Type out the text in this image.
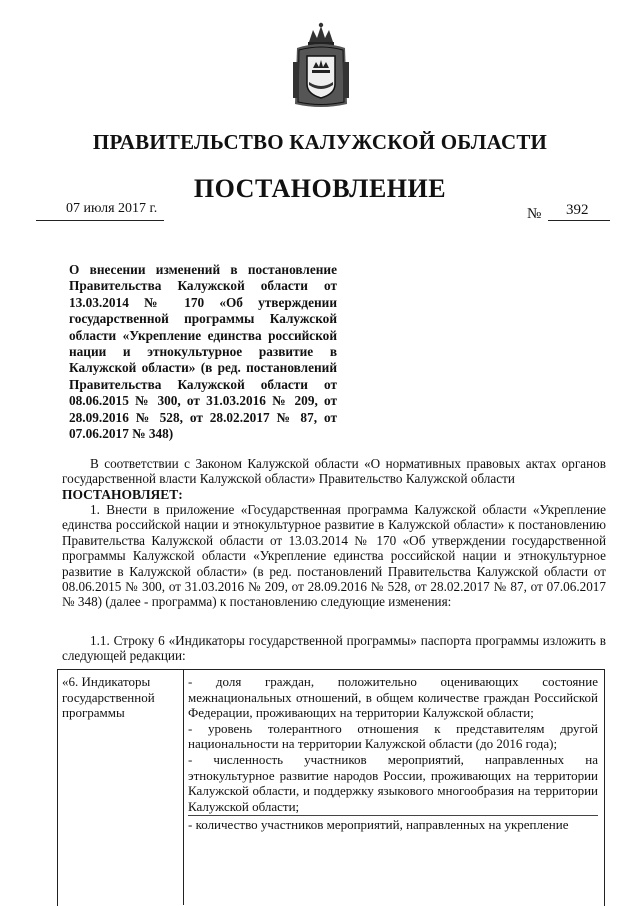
ПРАВИТЕЛЬСТВО КАЛУЖСКОЙ ОБЛАСТИ
ПОСТАНОВЛЕНИЕ
07 июля 2017 г.	№ 392
О внесении изменений в постановление Правительства Калужской области от 13.03.2014 № 170 «Об утверждении государственной программы Калужской области «Укрепление единства российской нации и этнокультурное развитие в Калужской области» (в ред. постановлений Правительства Калужской области от 08.06.2015 № 300, от 31.03.2016 № 209, от 28.09.2016 № 528, от 28.02.2017 № 87, от 07.06.2017 № 348)
В соответствии с Законом Калужской области «О нормативных правовых актах органов государственной власти Калужской области» Правительство Калужской области
ПОСТАНОВЛЯЕТ:
1. Внести в приложение «Государственная программа Калужской области «Укрепление единства российской нации и этнокультурное развитие в Калужской области» к постановлению Правительства Калужской области от 13.03.2014 № 170 «Об утверждении государственной программы Калужской области «Укрепление единства российской нации и этнокультурное развитие в Калужской области» (в ред. постановлений Правительства Калужской области от 08.06.2015 № 300, от 31.03.2016 № 209, от 28.09.2016 № 528, от 28.02.2017 № 87, от 07.06.2017 № 348) (далее - программа) к постановлению следующие изменения:
1.1. Строку 6 «Индикаторы государственной программы» паспорта программы изложить в следующей редакции:
«6. Индикаторы государственной программы
- доля граждан, положительно оценивающих состояние межнациональных отношений, в общем количестве граждан Российской Федерации, проживающих на территории Калужской области;
- уровень толерантного отношения к представителям другой национальности на территории Калужской области (до 2016 года);
- численность участников мероприятий, направленных на этнокультурное развитие народов России, проживающих на территории Калужской области, и поддержку языкового многообразия на территории Калужской области;
- количество участников мероприятий, направленных на укрепление
